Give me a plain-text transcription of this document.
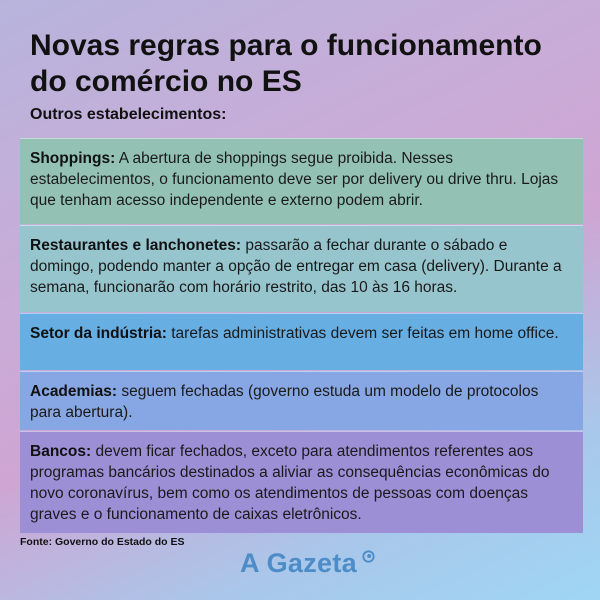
Novas regras para o funcionamento do comércio no ES
Outros estabelecimentos:
Shoppings: A abertura de shoppings segue proibida. Nesses estabelecimentos, o funcionamento deve ser por delivery ou drive thru. Lojas que tenham acesso independente e externo podem abrir.
Restaurantes e lanchonetes: passarão a fechar durante o sábado e domingo, podendo manter a opção de entregar em casa (delivery). Durante a semana, funcionarão com horário restrito, das 10 às 16 horas.
Setor da indústria: tarefas administrativas devem ser feitas em home office.
Academias: seguem fechadas (governo estuda um modelo de protocolos para abertura).
Bancos: devem ficar fechados, exceto para atendimentos referentes aos programas bancários destinados a aliviar as consequências econômicas do novo coronavírus, bem como os atendimentos de pessoas com doenças graves e o funcionamento de caixas eletrônicos.
Fonte: Governo do Estado do ES
A Gazeta
